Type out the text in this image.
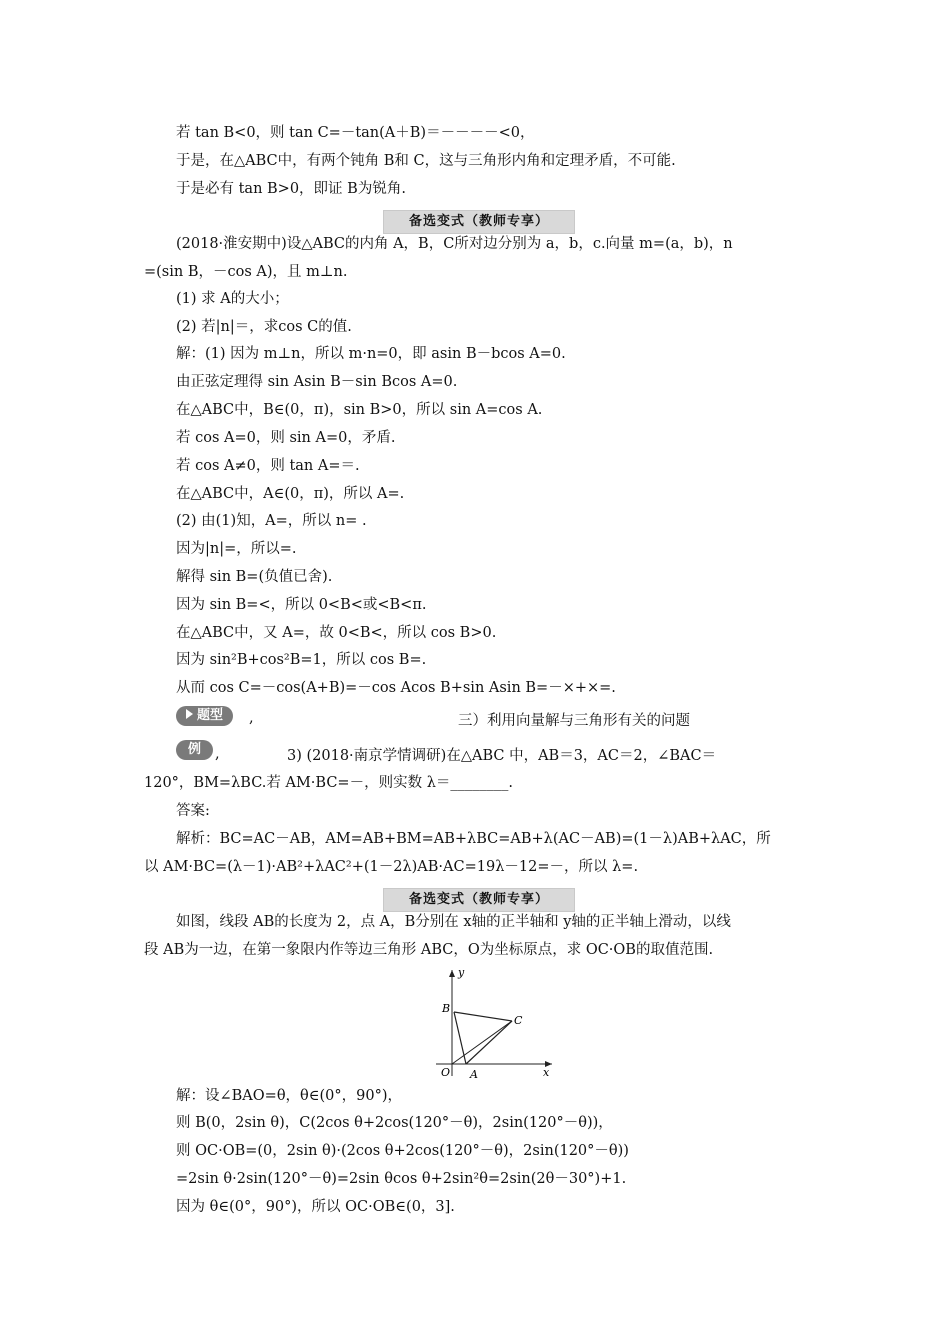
若 tan B<0，则 tan C=－tan(A＋B)＝－－－－<0，
于是，在△ABC中，有两个钝角 B和 C，这与三角形内角和定理矛盾，不可能.
于是必有 tan B>0，即证 B为锐角.
备选变式（教师专享）
(2018·淮安期中)设△ABC的内角 A，B，C所对边分别为 a，b，c.向量 m=(a，b)，n
=(sin B，－cos A)，且 m⊥n.
(1) 求 A的大小；
(2) 若|n|＝，求cos C的值.
解：(1) 因为 m⊥n，所以 m·n=0，即 asin B－bcos A=0.
由正弦定理得 sin Asin B－sin Bcos A=0.
在△ABC中，B∈(0，π)，sin B>0，所以 sin A=cos A.
若 cos A=0，则 sin A=0，矛盾.
若 cos A≠0，则 tan A=＝.
在△ABC中，A∈(0，π)，所以 A=.
(2) 由(1)知，A=，所以 n= .
因为|n|=，所以=.
解得 sin B=(负值已舍).
因为 sin B=<，所以 0<B<或<B<π.
在△ABC中，又 A=，故 0<B<，所以 cos B>0.
因为 sin²B+cos²B=1，所以 cos B=.
从而 cos C=－cos(A+B)=－cos Acos B+sin Asin B=－×+×=.
题型	,	三）利用向量解与三角形有关的问题
例 ,	3) (2018·南京学情调研)在△ABC 中，AB＝3，AC＝2，∠BAC＝
120°，BM=λBC.若 AM·BC=－，则实数 λ＝________.
答案:
解析：BC=AC－AB，AM=AB+BM=AB+λBC=AB+λ(AC－AB)=(1－λ)AB+λAC，所
以 AM·BC=(λ－1)·AB²+λAC²+(1－2λ)AB·AC=19λ－12=－，所以 λ=.
备选变式（教师专享）
如图，线段 AB的长度为 2，点 A，B分别在 x轴的正半轴和 y轴的正半轴上滑动，以线
段 AB为一边，在第一象限内作等边三角形 ABC，O为坐标原点，求 OC·OB的取值范围.
y
x
O A
B
C
解：设∠BAO=θ，θ∈(0°，90°)，
则 B(0，2sin θ)，C(2cos θ+2cos(120°－θ)，2sin(120°－θ))，
则 OC·OB=(0，2sin θ)·(2cos θ+2cos(120°－θ)，2sin(120°－θ))
=2sin θ·2sin(120°－θ)=2sin θcos θ+2sin²θ=2sin(2θ－30°)+1.
因为 θ∈(0°，90°)，所以 OC·OB∈(0，3].
